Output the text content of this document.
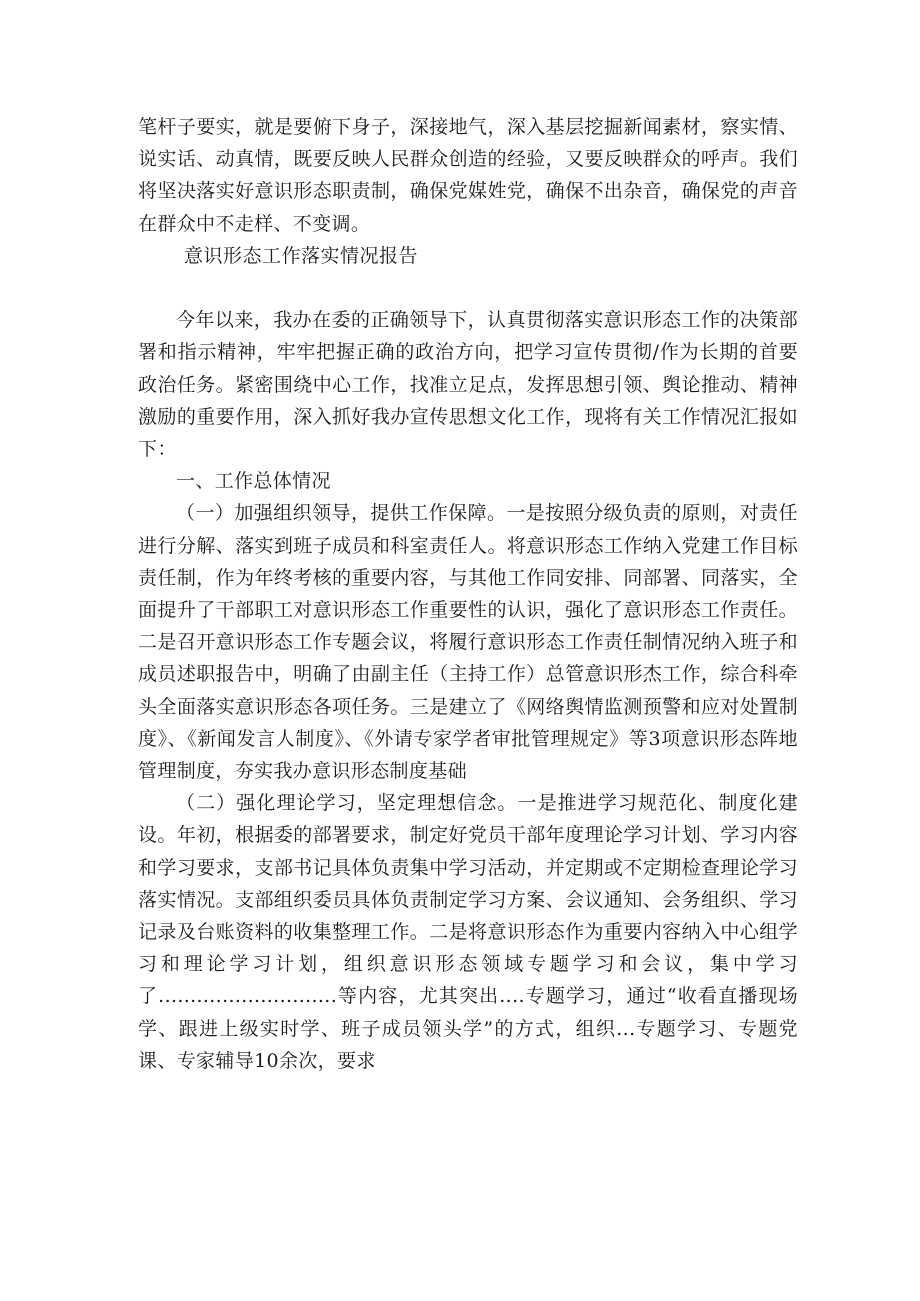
笔杆子要实，就是要俯下身子，深接地气，深入基层挖掘新闻素材，察实情、说实话、动真情，既要反映人民群众创造的经验，又要反映群众的呼声。我们将坚决落实好意识形态职责制，确保党媒姓党，确保不出杂音，确保党的声音在群众中不走样、不变调。

意识形态工作落实情况报告

今年以来，我办在委的正确领导下，认真贯彻落实意识形态工作的决策部署和指示精神，牢牢把握正确的政治方向，把学习宣传贯彻/作为长期的首要政治任务。紧密围绕中心工作，找准立足点，发挥思想引领、舆论推动、精神激励的重要作用，深入抓好我办宣传思想文化工作，现将有关工作情况汇报如下：

一、工作总体情况

（一）加强组织领导，提供工作保障。一是按照分级负责的原则，对责任进行分解、落实到班子成员和科室责任人。将意识形态工作纳入党建工作目标责任制，作为年终考核的重要内容，与其他工作同安排、同部署、同落实，全面提升了干部职工对意识形态工作重要性的认识，强化了意识形态工作责任。二是召开意识形态工作专题会议，将履行意识形态工作责任制情况纳入班子和成员述职报告中，明确了由副主任（主持工作）总管意识形杰工作，综合科牵头全面落实意识形态各项任务。三是建立了《网络舆情监测预警和应对处置制度》、《新闻发言人制度》、《外请专家学者审批管理规定》等3项意识形态阵地管理制度，夯实我办意识形态制度基础

（二）强化理论学习，坚定理想信念。一是推进学习规范化、制度化建设。年初，根据委的部署要求，制定好党员干部年度理论学习计划、学习内容和学习要求，支部书记具体负责集中学习活动，并定期或不定期检查理论学习落实情况。支部组织委员具体负责制定学习方案、会议通知、会务组织、学习记录及台账资料的收集整理工作。二是将意识形态作为重要内容纳入中心组学习和理论学习计划，组织意识形态领域专题学习和会议，集中学习了............................等内容，尤其突出....专题学习，通过“收看直播现场学、跟进上级实时学、班子成员领头学”的方式，组织...专题学习、专题党课、专家辅导10余次，要求
